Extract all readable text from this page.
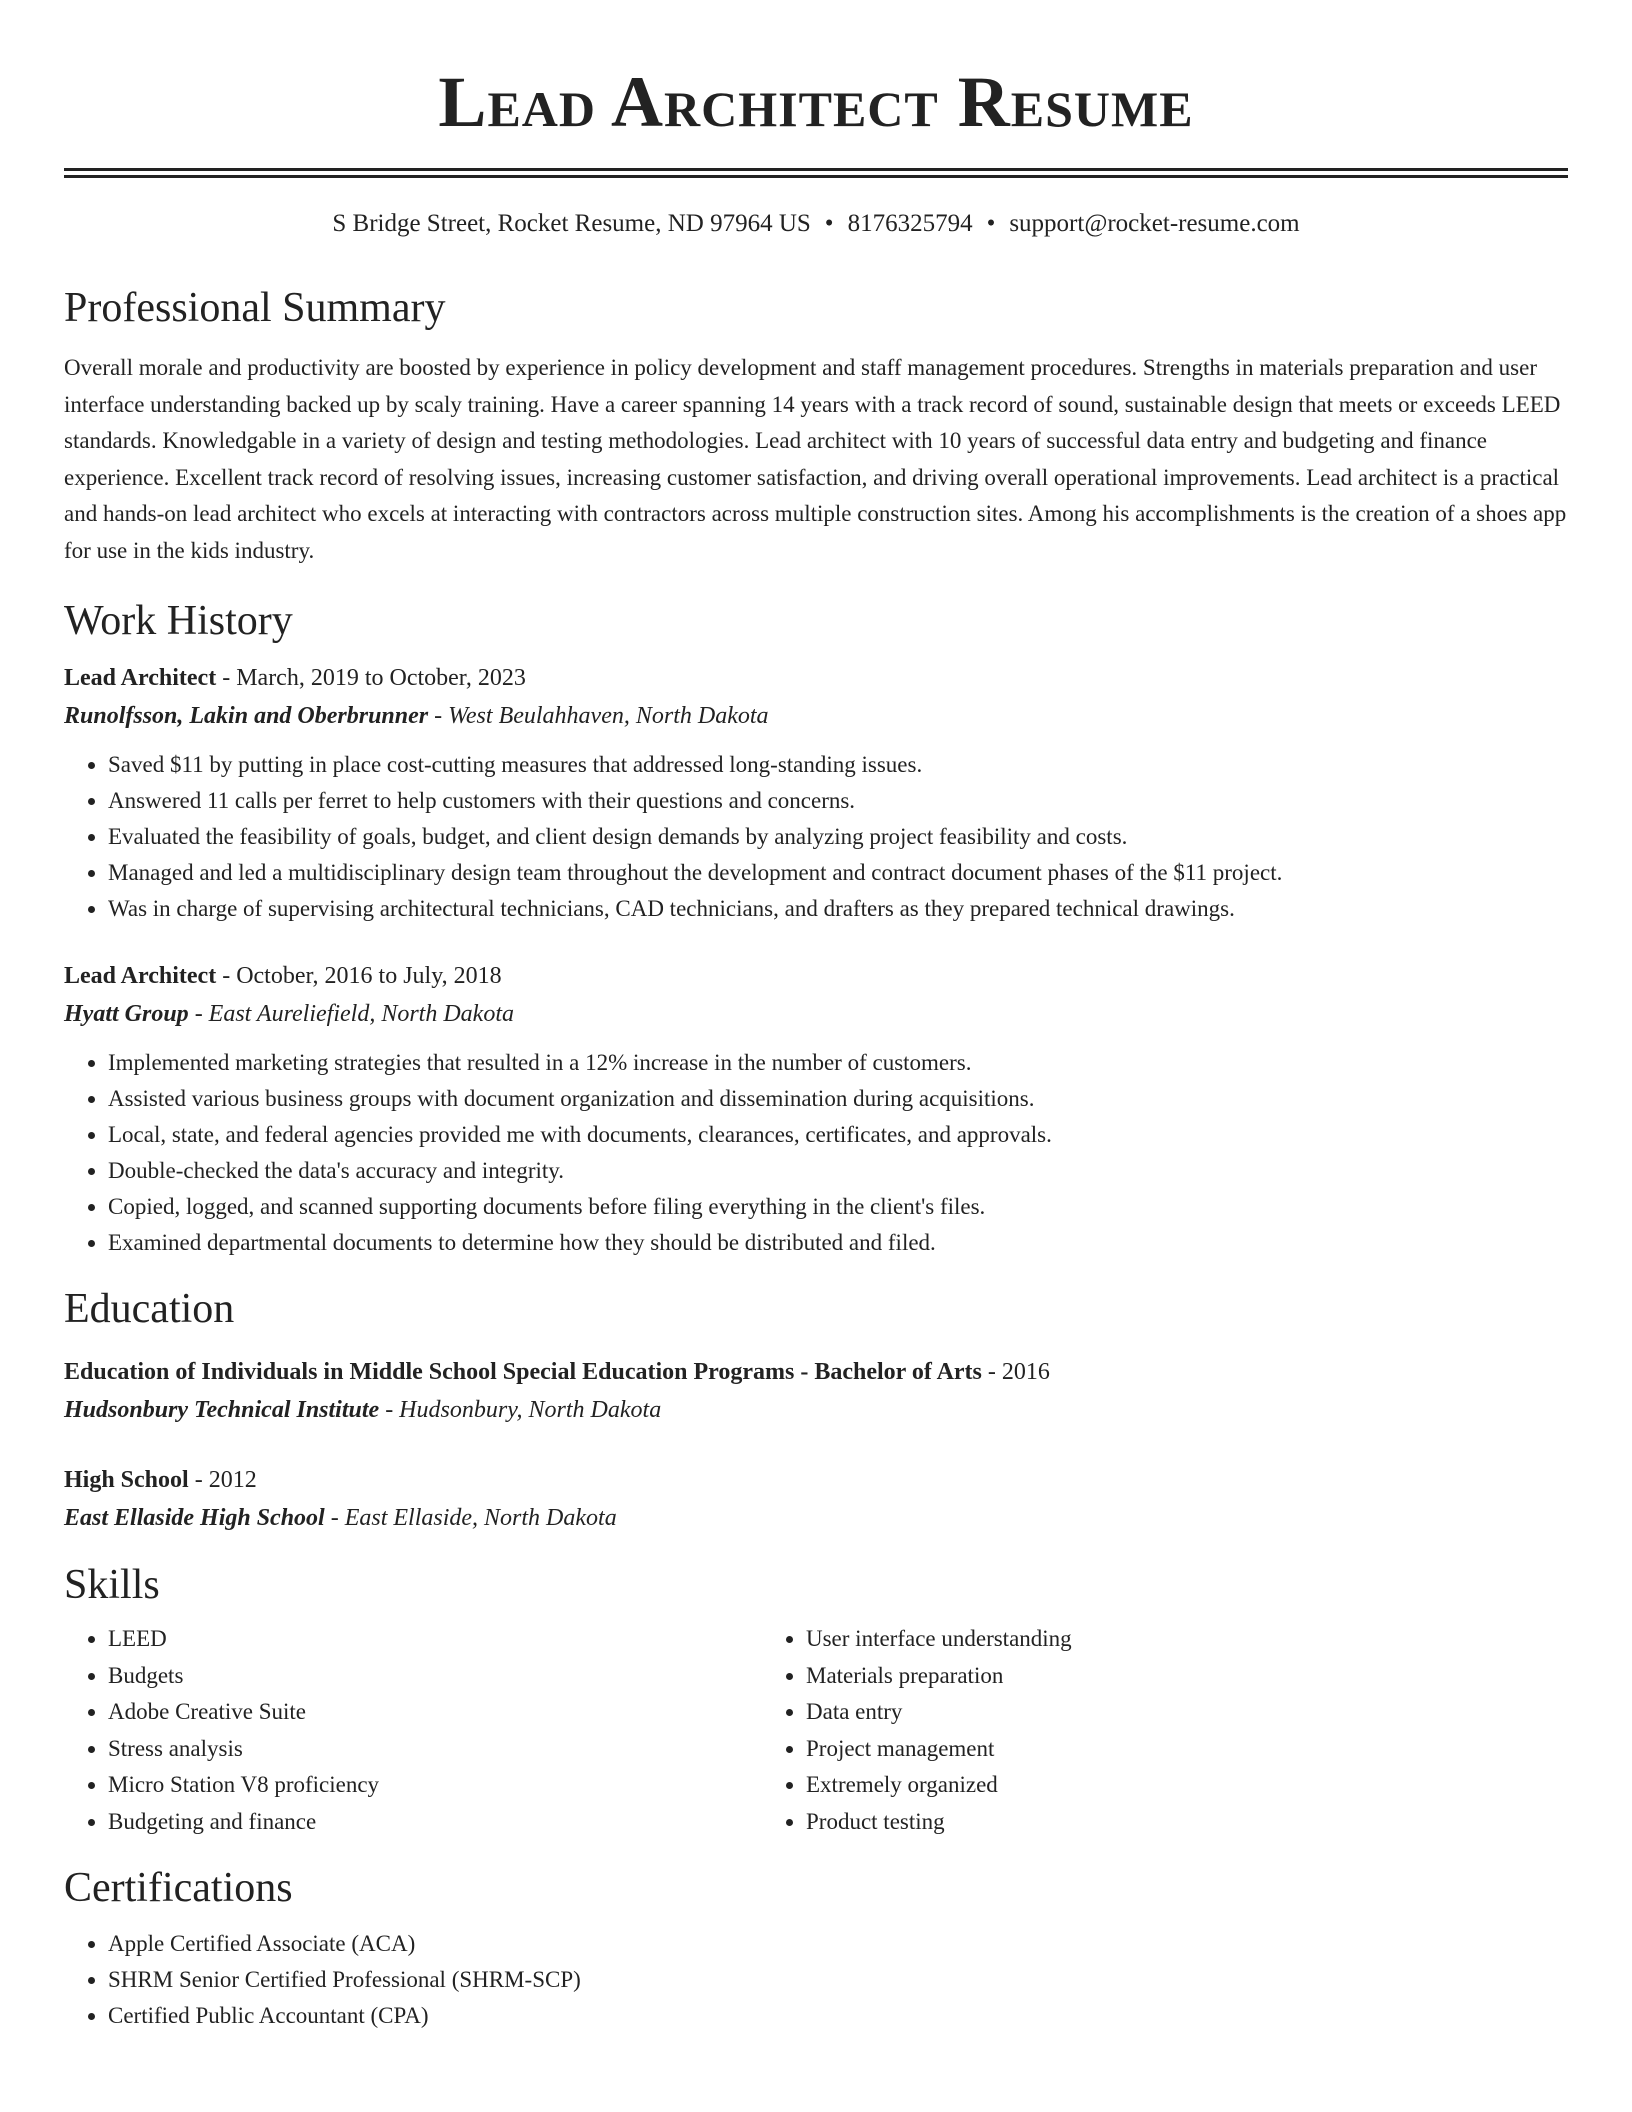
Lead Architect Resume
S Bridge Street, Rocket Resume, ND 97964 US • 8176325794 • support@rocket-resume.com
Professional Summary

Overall morale and productivity are boosted by experience in policy development and staff management procedures. Strengths in materials preparation and user interface understanding backed up by scaly training. Have a career spanning 14 years with a track record of sound, sustainable design that meets or exceeds LEED standards. Knowledgable in a variety of design and testing methodologies. Lead architect with 10 years of successful data entry and budgeting and finance experience. Excellent track record of resolving issues, increasing customer satisfaction, and driving overall operational improvements. Lead architect is a practical and hands-on lead architect who excels at interacting with contractors across multiple construction sites. Among his accomplishments is the creation of a shoes app for use in the kids industry.

Work History
Lead Architect - March, 2019 to October, 2023
Runolfsson, Lakin and Oberbrunner - West Beulahhaven, North Dakota
• Saved $11 by putting in place cost-cutting measures that addressed long-standing issues.
• Answered 11 calls per ferret to help customers with their questions and concerns.
• Evaluated the feasibility of goals, budget, and client design demands by analyzing project feasibility and costs.
• Managed and led a multidisciplinary design team throughout the development and contract document phases of the $11 project.
• Was in charge of supervising architectural technicians, CAD technicians, and drafters as they prepared technical drawings.
Lead Architect - October, 2016 to July, 2018
Hyatt Group - East Aureliefield, North Dakota
• Implemented marketing strategies that resulted in a 12% increase in the number of customers.
• Assisted various business groups with document organization and dissemination during acquisitions.
• Local, state, and federal agencies provided me with documents, clearances, certificates, and approvals.
• Double-checked the data's accuracy and integrity.
• Copied, logged, and scanned supporting documents before filing everything in the client's files.
• Examined departmental documents to determine how they should be distributed and filed.
Education
Education of Individuals in Middle School Special Education Programs - Bachelor of Arts - 2016
Hudsonbury Technical Institute - Hudsonbury, North Dakota
High School - 2012
East Ellaside High School - East Ellaside, North Dakota
Skills
• LEED
• Budgets
• Adobe Creative Suite
• Stress analysis
• Micro Station V8 proficiency
• Budgeting and finance
• User interface understanding
• Materials preparation
• Data entry
• Project management
• Extremely organized
• Product testing
Certifications
• Apple Certified Associate (ACA)
• SHRM Senior Certified Professional (SHRM-SCP)
• Certified Public Accountant (CPA)
